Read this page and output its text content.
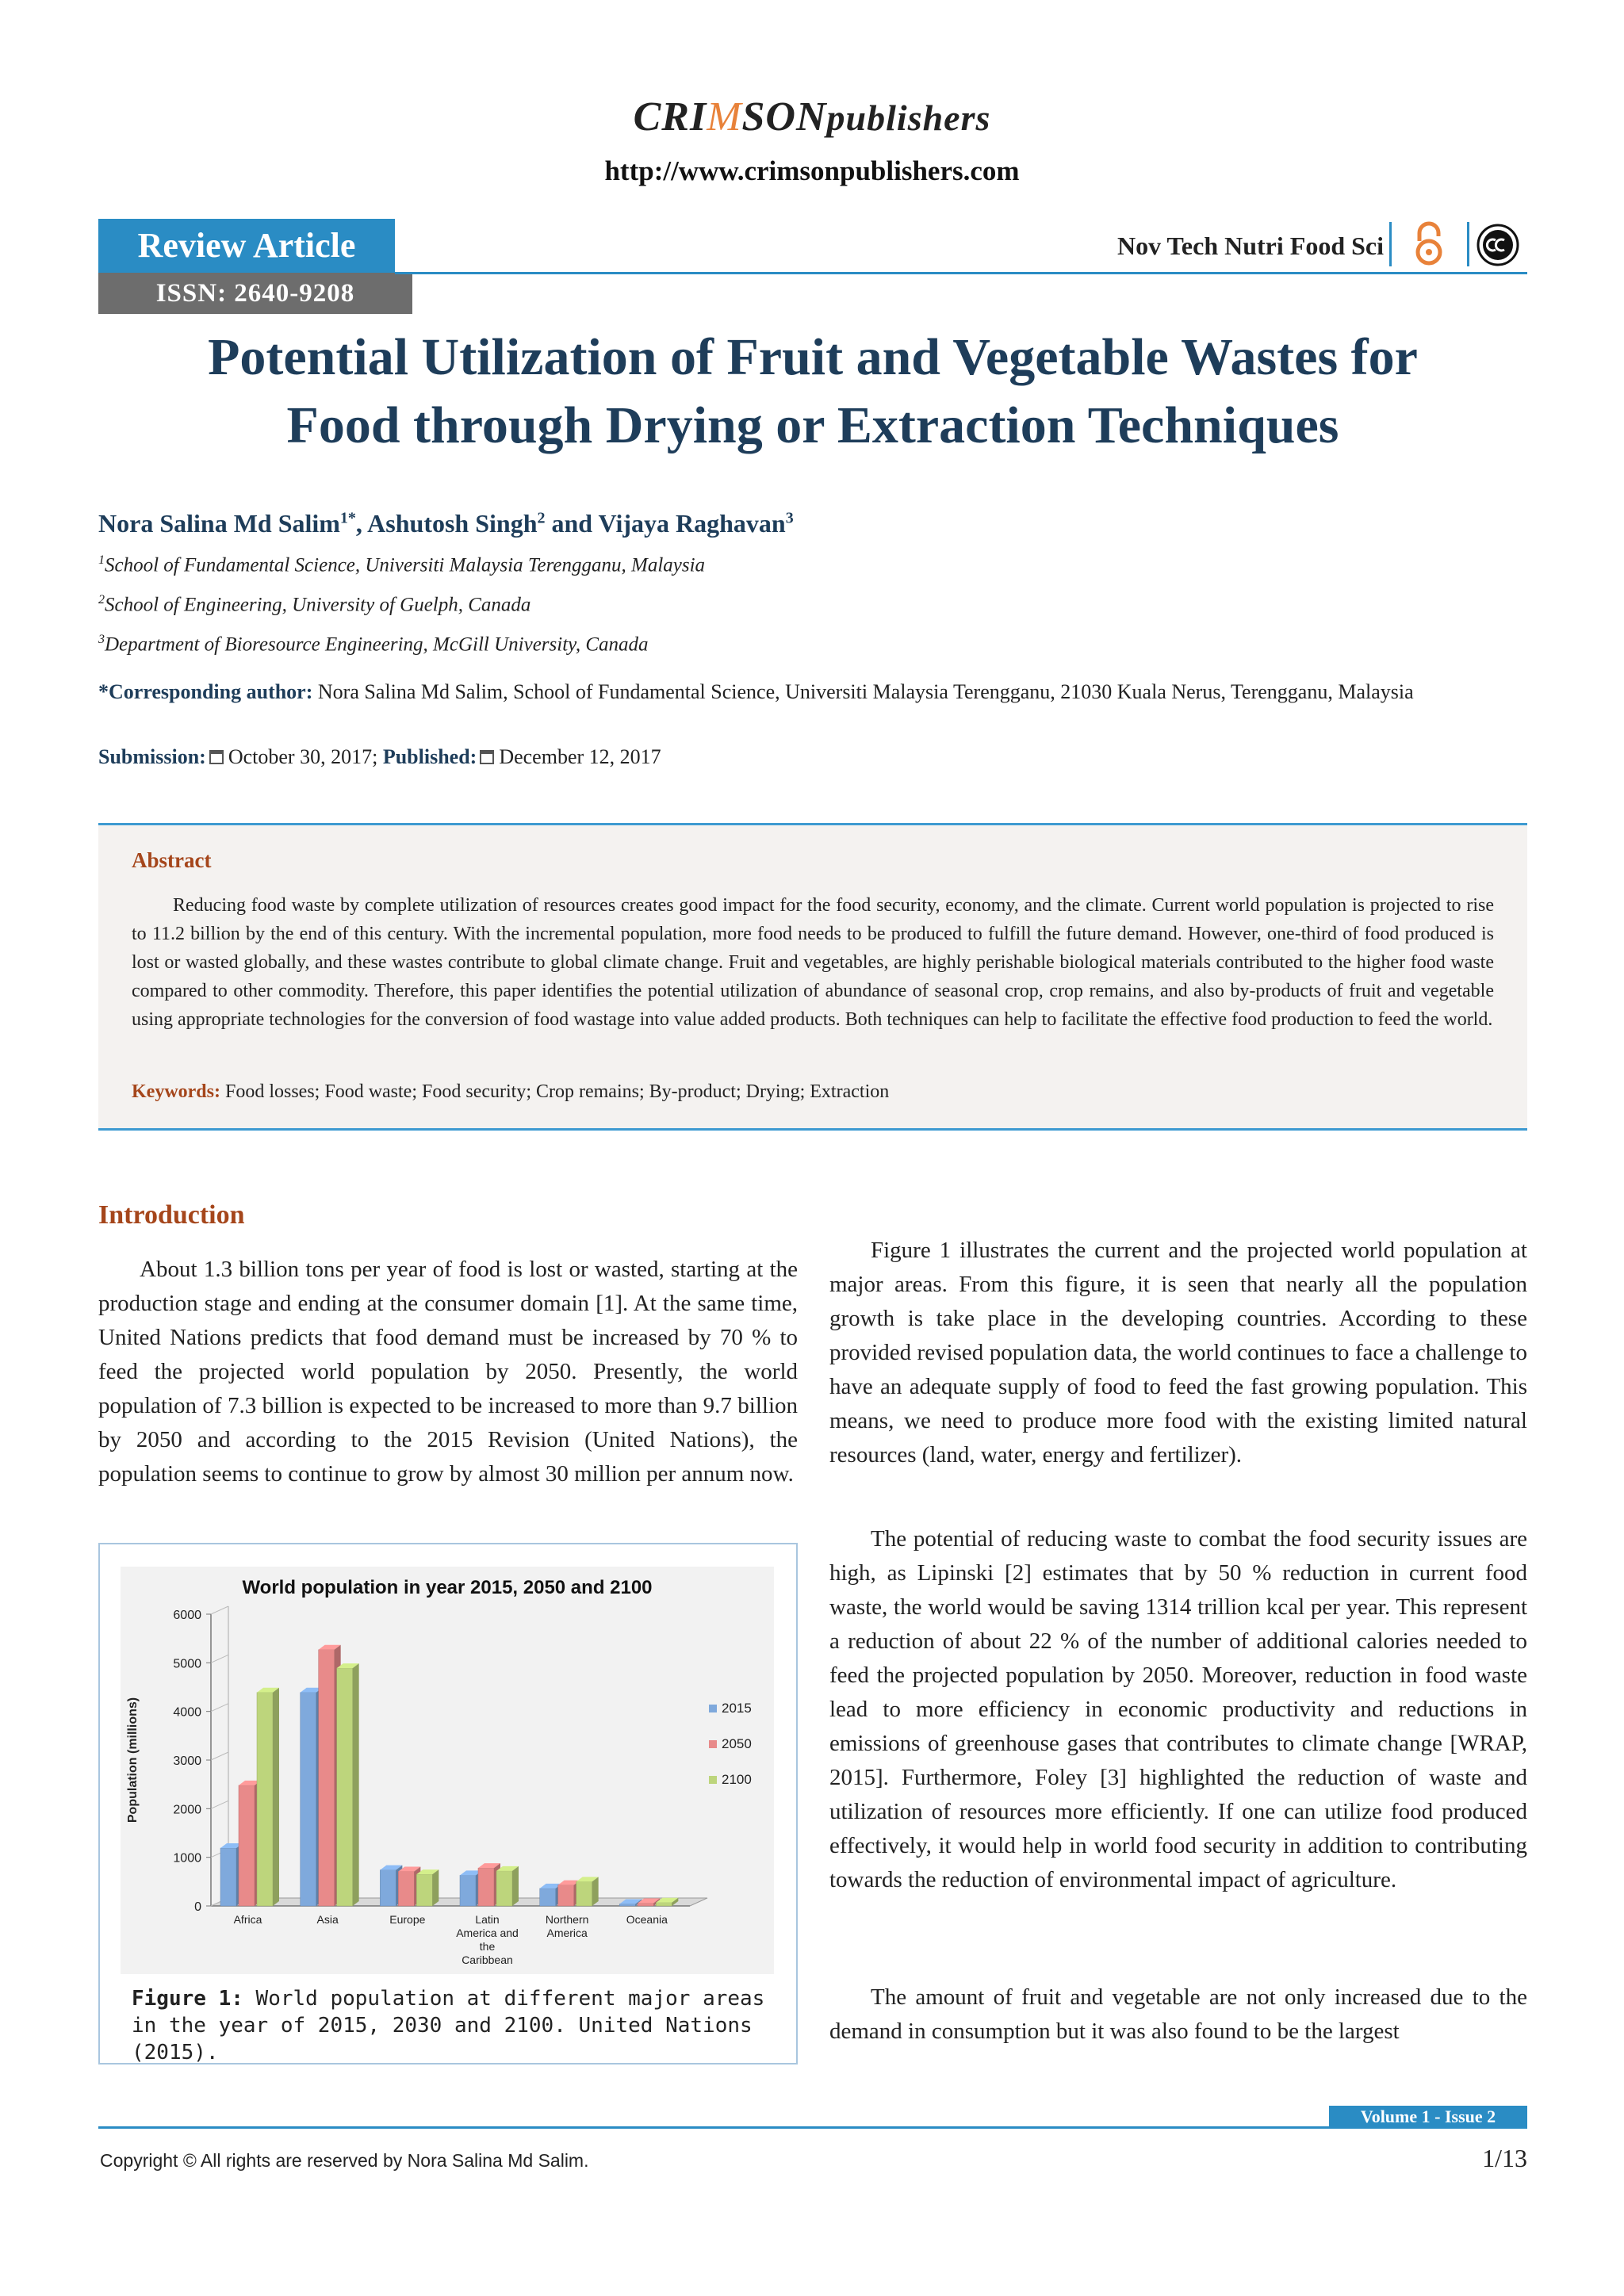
CRIMSONpublishers
http://www.crimsonpublishers.com
Review Article
ISSN: 2640-9208
Nov Tech Nutri Food Sci
Potential Utilization of Fruit and Vegetable Wastes for
Food through Drying or Extraction Techniques
Nora Salina Md Salim$^{1*}$, Ashutosh Singh$^2$ and Vijaya Raghavan$^3$
$^1$School of Fundamental Science, Universiti Malaysia Terengganu, Malaysia
$^2$School of Engineering, University of Guelph, Canada
$^3$Department of Bioresource Engineering, McGill University, Canada
*Corresponding author: Nora Salina Md Salim, School of Fundamental Science, Universiti Malaysia Terengganu, 21030 Kuala Nerus, Terengganu, Malaysia
Submission: October 30, 2017; Published: December 12, 2017
Abstract
Reducing food waste by complete utilization of resources creates good impact for the food security, economy, and the climate. Current world population is projected to rise to 11.2 billion by the end of this century. With the incremental population, more food needs to be produced to fulfill the future demand. However, one-third of food produced is lost or wasted globally, and these wastes contribute to global climate change. Fruit and vegetables, are highly perishable biological materials contributed to the higher food waste compared to other commodity. Therefore, this paper identifies the potential utilization of abundance of seasonal crop, crop remains, and also by-products of fruit and vegetable using appropriate technologies for the conversion of food wastage into value added products. Both techniques can help to facilitate the effective food production to feed the world.
Keywords: Food losses; Food waste; Food security; Crop remains; By-product; Drying; Extraction
Introduction
About 1.3 billion tons per year of food is lost or wasted, starting at the production stage and ending at the consumer domain [1]. At the same time, United Nations predicts that food demand must be increased by 70 % to feed the projected world population by 2050. Presently, the world population of 7.3 billion is expected to be increased to more than 9.7 billion by 2050 and according to the 2015 Revision (United Nations), the population seems to continue to grow by almost 30 million per annum now.
Figure 1 illustrates the current and the projected world population at major areas. From this figure, it is seen that nearly all the population growth is take place in the developing countries. According to these provided revised population data, the world continues to face a challenge to have an adequate supply of food to feed the fast growing population. This means, we need to produce more food with the existing limited natural resources (land, water, energy and fertilizer).
The potential of reducing waste to combat the food security issues are high, as Lipinski [2] estimates that by 50 % reduction in current food waste, the world would be saving 1314 trillion kcal per year. This represent a reduction of about 22 % of the number of additional calories needed to feed the projected population by 2050. Moreover, reduction in food waste lead to more efficiency in economic productivity and reductions in emissions of greenhouse gases that contributes to climate change [WRAP, 2015]. Furthermore, Foley [3] highlighted the reduction of waste and utilization of resources more efficiently. If one can utilize food produced effectively, it would help in world food security in addition to contributing towards the reduction of environmental impact of agriculture.
The amount of fruit and vegetable are not only increased due to the demand in consumption but it was also found to be the largest
World population in year 2015, 2050 and 2100
0
1000
2000
3000
4000
5000
6000
Population (millions)
Africa	Asia	Europe	Latin
America and
the
Caribbean
Northern
America
Oceania
2015
2050
2100
Figure 1: World population at different major areas in the year of 2015, 2030 and 2100. United Nations (2015).
Volume 1 - Issue 2
Copyright © All rights are reserved by Nora Salina Md Salim.	1/13
